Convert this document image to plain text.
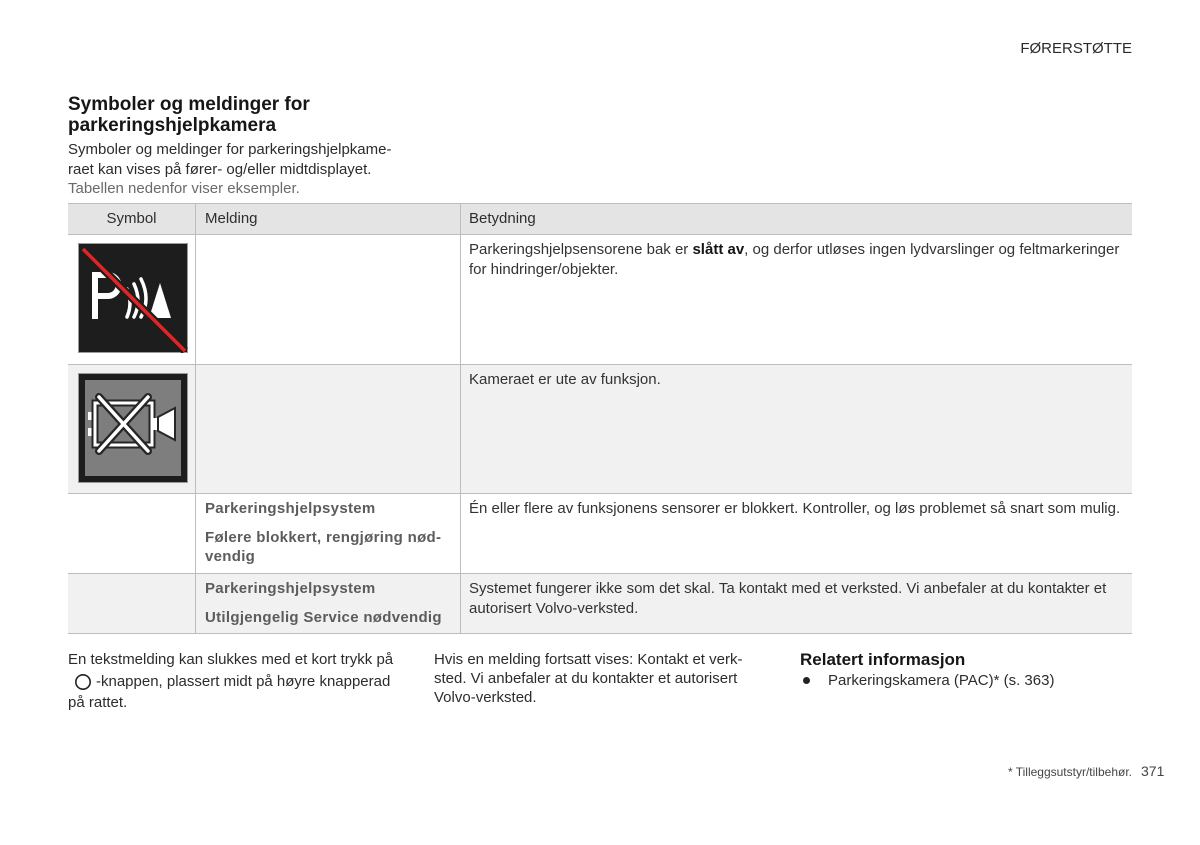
FØRERSTØTTE
Symboler og meldinger for
parkeringshjelpkamera
Symboler og meldinger for parkeringshjelpkame-
raet kan vises på fører- og/eller midtdisplayet.
Tabellen nedenfor viser eksempler.
Symbol	Melding	Betydning
Parkeringshjelpsensorene bak er slått av, og derfor utløses ingen lydvarslinger og feltmarkeringer
for hindringer/objekter.
Kameraet er ute av funksjon.
Parkeringshjelpsystem
Følere blokkert, rengjøring nød-
vendig
Én eller flere av funksjonens sensorer er blokkert. Kontroller, og løs problemet så snart som mulig.
Parkeringshjelpsystem
Utilgjengelig Service nødvendig
Systemet fungerer ikke som det skal. Ta kontakt med et verksted. Vi anbefaler at du kontakter et
autorisert Volvo-verksted.
En tekstmelding kan slukkes med et kort trykk på
-knappen, plassert midt på høyre knapperad
på rattet.
Hvis en melding fortsatt vises: Kontakt et verk-
sted. Vi anbefaler at du kontakter et autorisert
Volvo-verksted.
Relatert informasjon
Parkeringskamera (PAC)* (s. 363)
* Tilleggsutstyr/tilbehør. 371
